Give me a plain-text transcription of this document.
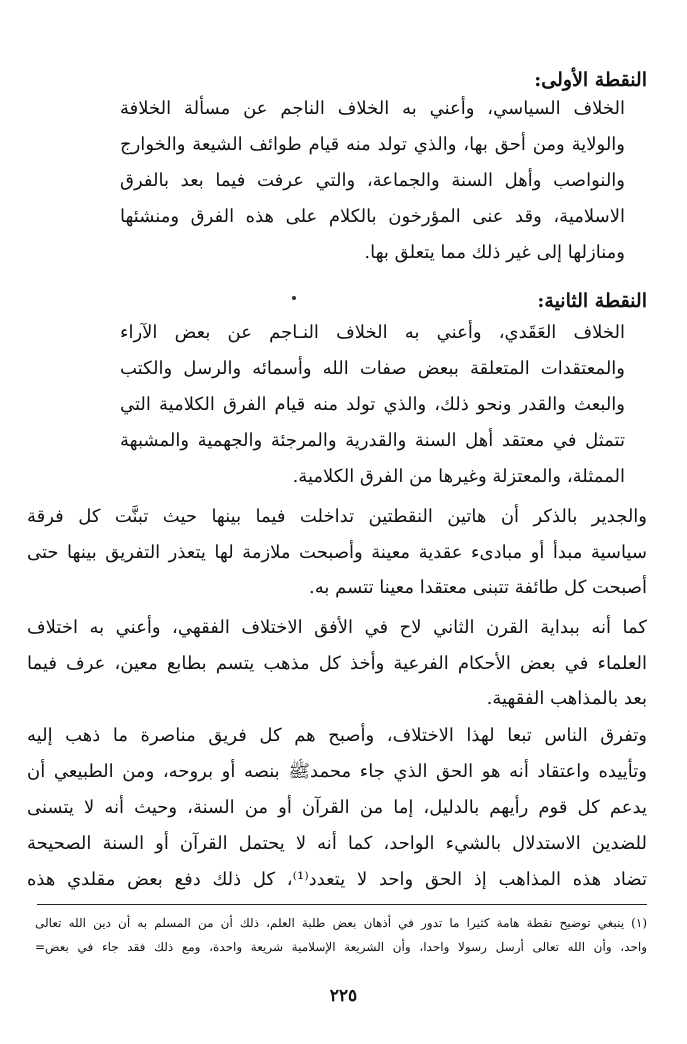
النقطة الأولى:
الخلاف السياسي، وأعني به الخلاف الناجم عن مسألة الخلافة
والولاية ومن أحق بها، والذي تولد منه قيام طوائف الشيعة والخوارج
والنواصب وأهل السنة والجماعة، والتي عرفت فيما بعد بالفرق
الاسلامية، وقد عنى المؤرخون بالكلام على هذه الفرق ومنشئها
ومنازلها إلى غير ذلك مما يتعلق بها.
النقطة الثانية:
الخلاف العَقَدي، وأعني به الخلاف النـاجم عن بعض الآراء
والمعتقدات المتعلقة ببعض صفات الله وأسمائه والرسل والكتب
والبعث والقدر ونحو ذلك، والذي تولد منه قيام الفرق الكلامية التي
تتمثل في معتقد أهل السنة والقدرية والمرجئة والجهمية والمشبهة
الممثلة، والمعتزلة وغيرها من الفرق الكلامية.
والجدير بالذكر أن هاتين النقطتين تداخلت فيما بينها حيث تبنَّت كل فرقة
سياسية مبدأ أو مبادىء عقدية معينة وأصبحت ملازمة لها يتعذر التفريق بينها حتى
أصبحت كل طائفة تتبنى معتقدا معينا تتسم به.
كما أنه ببداية القرن الثاني لاح في الأفق الاختلاف الفقهي، وأعني به اختلاف
العلماء في بعض الأحكام الفرعية وأخذ كل مذهب يتسم بطابع معين، عرف فيما
بعد بالمذاهب الفقهية.
وتفرق الناس تبعا لهذا الاختلاف، وأصبح هم كل فريق مناصرة ما ذهب إليه
وتأييده واعتقاد أنه هو الحق الذي جاء محمدﷺ بنصه أو بروحه، ومن الطبيعي أن
يدعم كل قوم رأيهم بالدليل، إما من القرآن أو من السنة، وحيث أنه لا يتسنى
للضدين الاستدلال بالشيء الواحد، كما أنه لا يحتمل القرآن أو السنة الصحيحة
تضاد هذه المذاهب إذ الحق واحد لا يتعدد⁽¹⁾، كل ذلك دفع بعض مقلدي هذه
(١) ينبغي توضيح نقطة هامة كثيرا ما تدور في أذهان بعض طلبة العلم، ذلك أن من المسلم به أن دين الله تعالى
واحد، وأن الله تعالى أرسل رسولا واحدا، وأن الشريعة الإسلامية شريعة واحدة، ومع ذلك فقد جاء في بعض=
٢٢٥
